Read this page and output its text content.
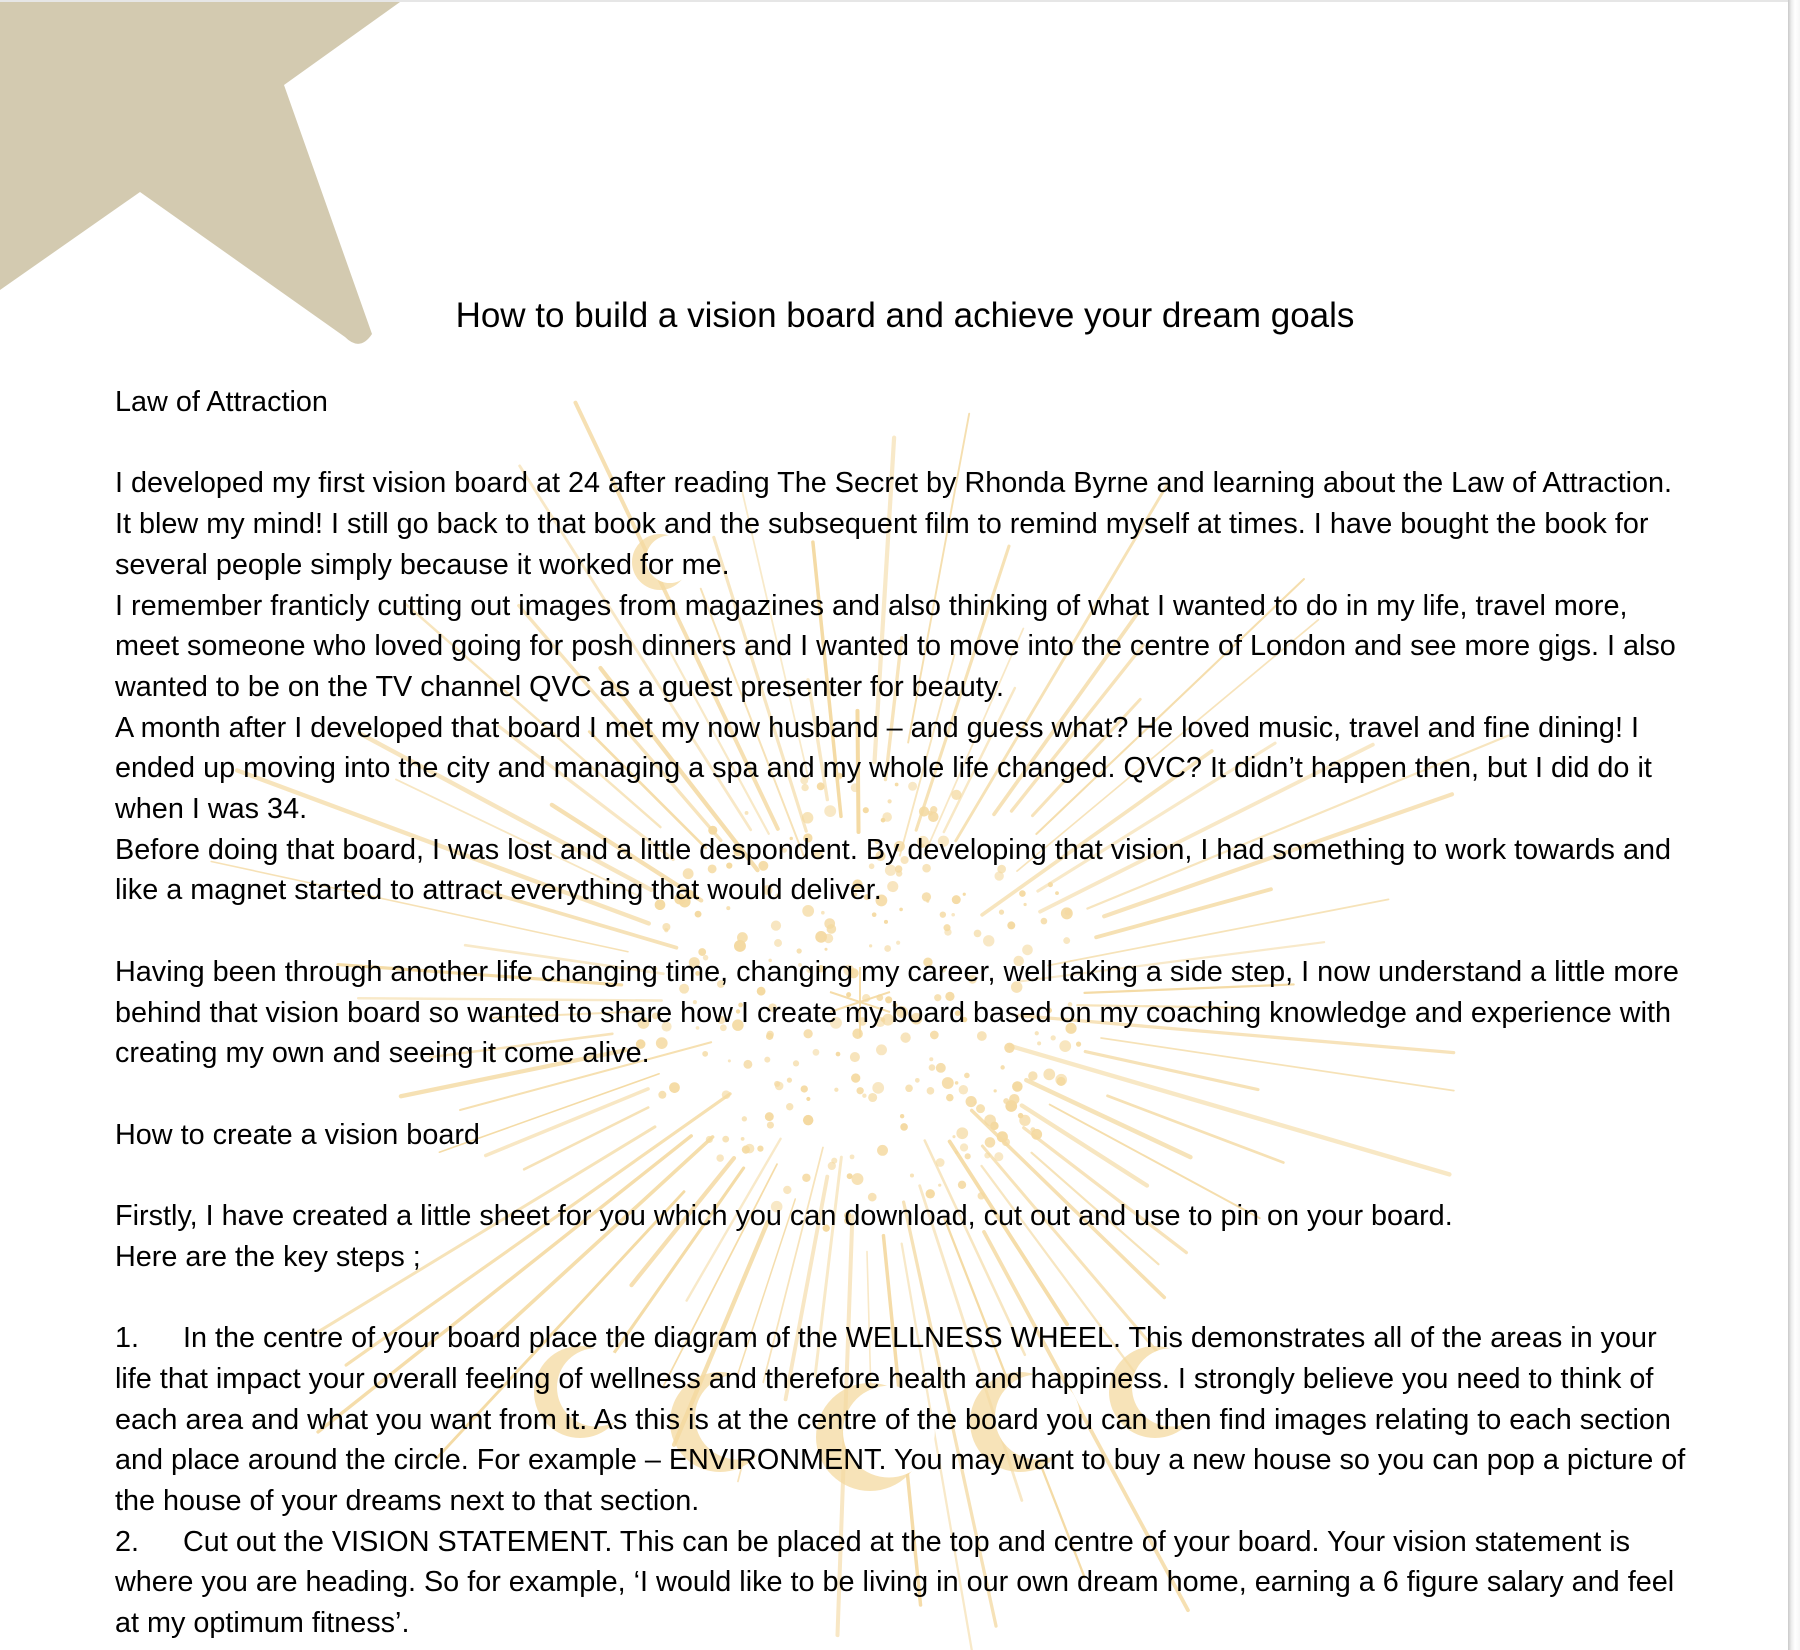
How to build a vision board and achieve your dream goals
Law of Attraction

I developed my first vision board at 24 after reading The Secret by Rhonda Byrne and learning about the Law of Attraction. It blew my mind! I still go back to that book and the subsequent film to remind myself at times. I have bought the book for several people simply because it worked for me.

I remember franticly cutting out images from magazines and also thinking of what I wanted to do in my life, travel more, meet someone who loved going for posh dinners and I wanted to move into the centre of London and see more gigs. I also wanted to be on the TV channel QVC as a guest presenter for beauty.

A month after I developed that board I met my now husband – and guess what? He loved music, travel and fine dining! I ended up moving into the city and managing a spa and my whole life changed. QVC? It didn’t happen then, but I did do it when I was 34.

Before doing that board, I was lost and a little despondent. By developing that vision, I had something to work towards and like a magnet started to attract everything that would deliver.

Having been through another life changing time, changing my career, well taking a side step, I now understand a little more behind that vision board so wanted to share how I create my board based on my coaching knowledge and experience with creating my own and seeing it come alive.

How to create a vision board

Firstly, I have created a little sheet for you which you can download, cut out and use to pin on your board.

Here are the key steps ;

1. In the centre of your board place the diagram of the WELLNESS WHEEL. This demonstrates all of the areas in your life that impact your overall feeling of wellness and therefore health and happiness. I strongly believe you need to think of each area and what you want from it. As this is at the centre of the board you can then find images relating to each section and place around the circle. For example – ENVIRONMENT. You may want to buy a new house so you can pop a picture of the house of your dreams next to that section.

2. Cut out the VISION STATEMENT. This can be placed at the top and centre of your board. Your vision statement is where you are heading. So for example, ‘I would like to be living in our own dream home, earning a 6 figure salary and feel at my optimum fitness’.
